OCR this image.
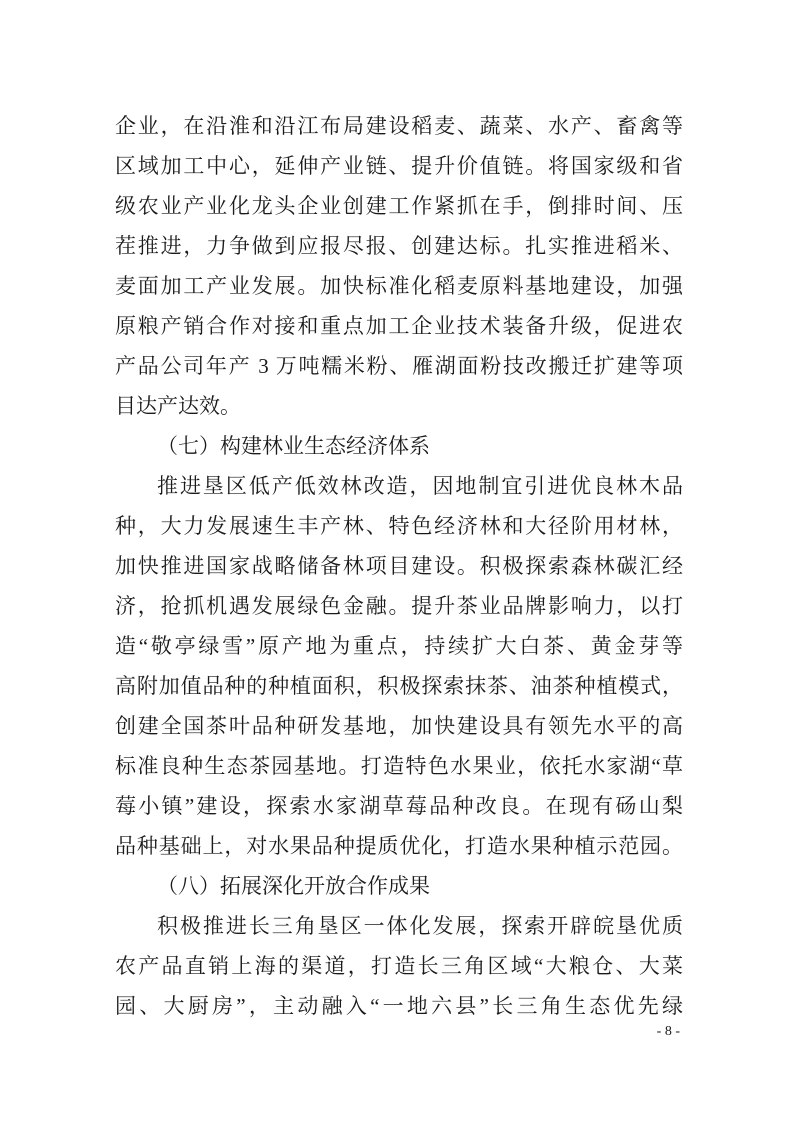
企业，在沿淮和沿江布局建设稻麦、蔬菜、水产、畜禽等
区域加工中心，延伸产业链、提升价值链。将国家级和省
级农业产业化龙头企业创建工作紧抓在手，倒排时间、压
茬推进，力争做到应报尽报、创建达标。扎实推进稻米、
麦面加工产业发展。加快标准化稻麦原料基地建设，加强
原粮产销合作对接和重点加工企业技术装备升级，促进农
产品公司年产 3 万吨糯米粉、雁湖面粉技改搬迁扩建等项
目达产达效。
（七）构建林业生态经济体系
推进垦区低产低效林改造，因地制宜引进优良林木品
种，大力发展速生丰产林、特色经济林和大径阶用材林，
加快推进国家战略储备林项目建设。积极探索森林碳汇经
济，抢抓机遇发展绿色金融。提升茶业品牌影响力，以打
造“敬亭绿雪”原产地为重点，持续扩大白茶、黄金芽等
高附加值品种的种植面积，积极探索抹茶、油茶种植模式，
创建全国茶叶品种研发基地，加快建设具有领先水平的高
标准良种生态茶园基地。打造特色水果业，依托水家湖“草
莓小镇”建设，探索水家湖草莓品种改良。在现有砀山梨
品种基础上，对水果品种提质优化，打造水果种植示范园。
（八）拓展深化开放合作成果
积极推进长三角垦区一体化发展，探索开辟皖垦优质
农产品直销上海的渠道，打造长三角区域“大粮仓、大菜
园、大厨房”，主动融入“一地六县”长三角生态优先绿
- 8 -
